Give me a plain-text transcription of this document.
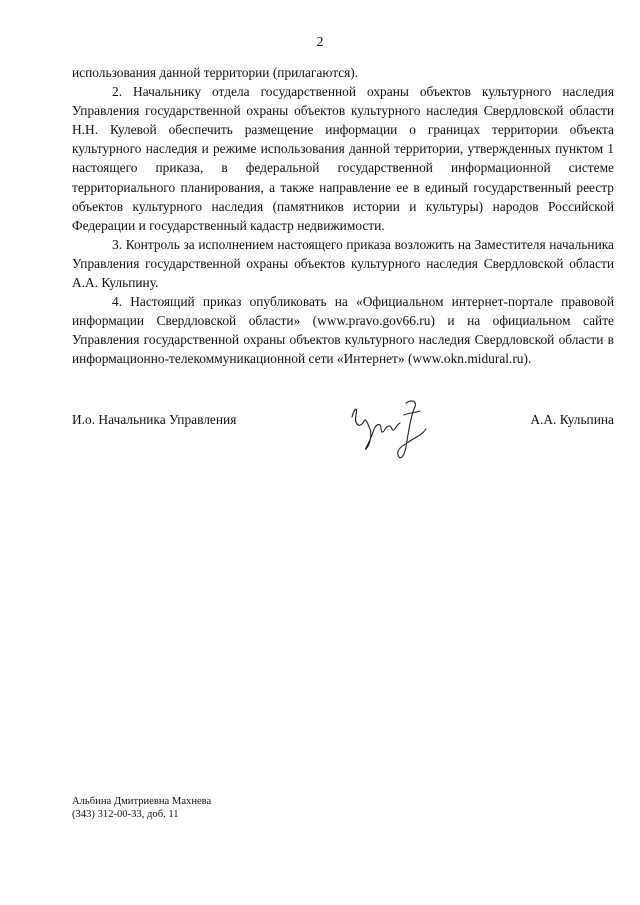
2

использования данной территории (прилагаются).

2. Начальнику отдела государственной охраны объектов культурного наследия Управления государственной охраны объектов культурного наследия Свердловской области Н.Н. Кулевой обеспечить размещение информации о границах территории объекта культурного наследия и режиме использования данной территории, утвержденных пунктом 1 настоящего приказа, в федеральной государственной информационной системе территориального планирования, а также направление ее в единый государственный реестр объектов культурного наследия (памятников истории и культуры) народов Российской Федерации и государственный кадастр недвижимости.

3. Контроль за исполнением настоящего приказа возложить на Заместителя начальника Управления государственной охраны объектов культурного наследия Свердловской области А.А. Кульпину.

4. Настоящий приказ опубликовать на «Официальном интернет-портале правовой информации Свердловской области» (www.pravo.gov66.ru) и на официальном сайте Управления государственной охраны объектов культурного наследия Свердловской области в информационно-телекоммуникационной сети «Интернет» (www.okn.midural.ru).

И.о. Начальника Управления	А.А. Кульпина
Альбина Дмитриевна Махнева
(343) 312-00-33, доб. 11
